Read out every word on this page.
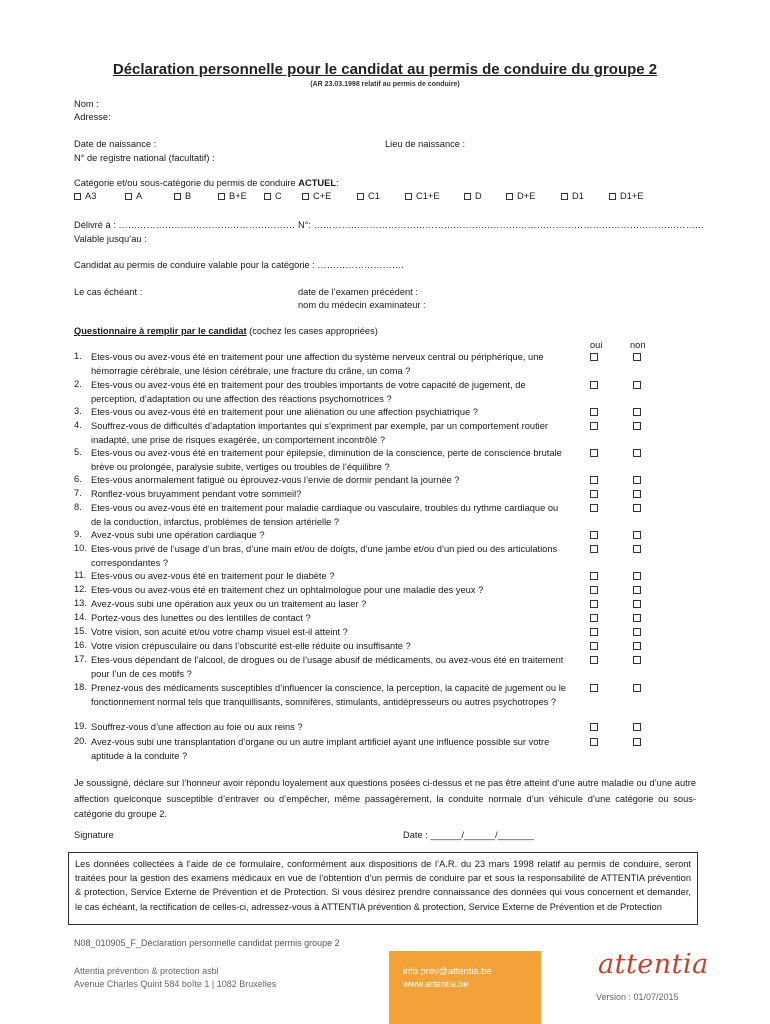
Déclaration personnelle pour le candidat au permis de conduire du groupe 2
(AR 23.03.1998 relatif au permis de conduire)
Nom :
Adresse:
Date de naissance :	Lieu de naissance :
N° de registre national (facultatif) :
Catégorie et/ou sous-catégorie du permis de conduire ACTUEL:
A3	A	B	B+E	C	C+E	C1	C1+E	D	D+E	D1	D1+E
Délivré à : ………………………………………………… N°: ………………………………………………………………………………………………………………
Valable jusqu’au :
Candidat au permis de conduire valable pour la catégorie : ……………………….
Le cas échéant :	date de l’examen précédent :
nom du médecin examinateur :
Questionnaire à remplir par le candidat (cochez les cases appropriées)
oui	non
1. Etes-vous ou avez-vous été en traitement pour une affection du système nerveux central ou périphérique, une hémorragie cérébrale, une lésion cérébrale, une fracture du crâne, un coma ?
2. Etes-vous ou avez-vous été en traitement pour des troubles importants de votre capacité de jugement, de perception, d’adaptation ou une affection des réactions psychomotrices ?
3. Etes-vous ou avez-vous été en traitement pour une aliénation ou une affection psychiatrique ?
4. Souffrez-vous de difficultés d’adaptation importantes qui s’expriment par exemple, par un comportement routier inadapté, une prise de risques exagérée, un comportement incontrôlé ?
5. Etes-vous ou avez-vous été en traitement pour épilepsie, diminution de la conscience, perte de conscience brutale brève ou prolongée, paralysie subite, vertiges ou troubles de l’équilibre ?
6. Etes-vous anormalement fatigué ou éprouvez-vous l’envie de dormir pendant la journée ?
7. Ronflez-vous bruyamment pendant votre sommeil?
8. Etes-vous ou avez-vous été en traitement pour maladie cardiaque ou vasculaire, troubles du rythme cardiaque ou de la conduction, infarctus, problèmes de tension artérielle ?
9. Avez-vous subi une opération cardiaque ?
10. Etes-vous privé de l’usage d’un bras, d’une main et/ou de doigts, d’une jambe et/ou d’un pied ou des articulations correspondantes ?
11. Etes-vous ou avez-vous été en traitement pour le diabète ?
12. Etes-vous ou avez-vous été en traitement chez un ophtalmologue pour une maladie des yeux ?
13. Avez-vous subi une opération aux yeux ou un traitement au laser ?
14. Portez-vous des lunettes ou des lentilles de contact ?
15. Votre vision, son acuité et/ou votre champ visuel est-il atteint ?
16. Votre vision crépusculaire ou dans l’obscurité est-elle réduite ou insuffisante ?
17. Etes-vous dépendant de l’alcool, de drogues ou de l’usage abusif de médicaments, ou avez-vous été en traitement pour l’un de ces motifs ?
18. Prenez-vous des médicaments susceptibles d’influencer la conscience, la perception, la capacité de jugement ou le fonctionnement normal tels que tranquillisants, somnifères, stimulants, antidépresseurs ou autres psychotropes ?
19. Souffrez-vous d’une affection au foie ou aux reins ?
20. Avez-vous subi une transplantation d’organe ou un autre implant artificiel ayant une influence possible sur votre aptitude à la conduite ?
Je soussigné, déclare sur l’honneur avoir répondu loyalement aux questions posées ci-dessus et ne pas être atteint d’une autre maladie ou d’une autre affection quelconque susceptible d’entraver ou d’empêcher, même passagèrement, la conduite normale d’un véhicule d’une catégorie ou sous-catégorie du groupe 2.
Signature	Date : ______/______/_______
Les données collectées à l’aide de ce formulaire, conformément aux dispositions de l’A.R. du 23 mars 1998 relatif au permis de conduire, seront traitées pour la gestion des examens médicaux en vue de l’obtention d’un permis de conduire par et sous la responsabilité de ATTENTIA prévention & protection, Service Externe de Prévention et de Protection. Si vous désirez prendre connaissance des données qui vous concernent et demander, le cas échéant, la rectification de celles-ci, adressez-vous à ATTENTIA prévention & protection, Service Externe de Prévention et de Protection
N08_010905_F_Déclaration personnelle candidat permis groupe 2
Attentia prévention & protection asbl
Avenue Charles Quint 584 boîte 1 | 1082 Bruxelles
info.prev@attentia.be
www.attentia.be
attentia
Version : 01/07/2015
